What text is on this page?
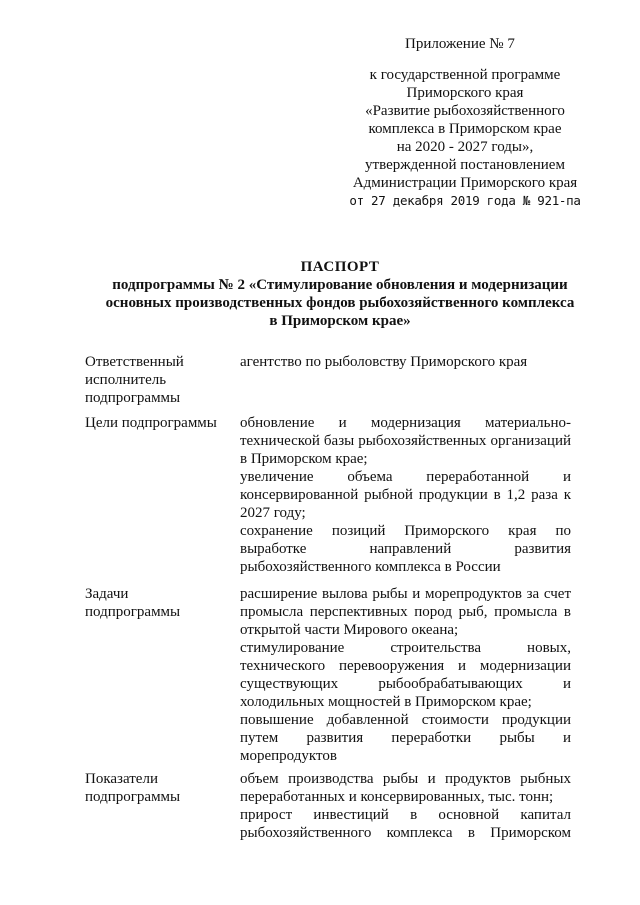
Приложение № 7
к государственной программе
Приморского края
«Развитие рыбохозяйственного
комплекса в Приморском крае
на 2020 - 2027 годы»,
утвержденной постановлением
Администрации Приморского края
от 27 декабря 2019 года № 921-па
ПАСПОРТ
подпрограммы № 2 «Стимулирование обновления и модернизации
основных производственных фондов рыбохозяйственного комплекса
в Приморском крае»
Ответственный исполнитель подпрограммы

агентство по рыболовству Приморского края

Цели подпрограммы	обновление и модернизация материально-технической базы рыбохозяйственных организаций в Приморском крае;

увеличение объема переработанной и консервированной рыбной продукции в 1,2 раза к 2027 году;

сохранение позиций Приморского края по выработке направлений развития рыбохозяйственного комплекса в России

Задачи подпрограммы

расширение вылова рыбы и морепродуктов за счет промысла перспективных пород рыб, промысла в открытой части Мирового океана;

стимулирование строительства новых, технического перевооружения и модернизации существующих рыбообрабатывающих и холодильных мощностей в Приморском крае;

повышение добавленной стоимости продукции путем развития переработки рыбы и морепродуктов

Показатели подпрограммы

объем производства рыбы и продуктов рыбных переработанных и консервированных, тыс. тонн;

прирост инвестиций в основной капитал рыбохозяйственного комплекса в Приморском
